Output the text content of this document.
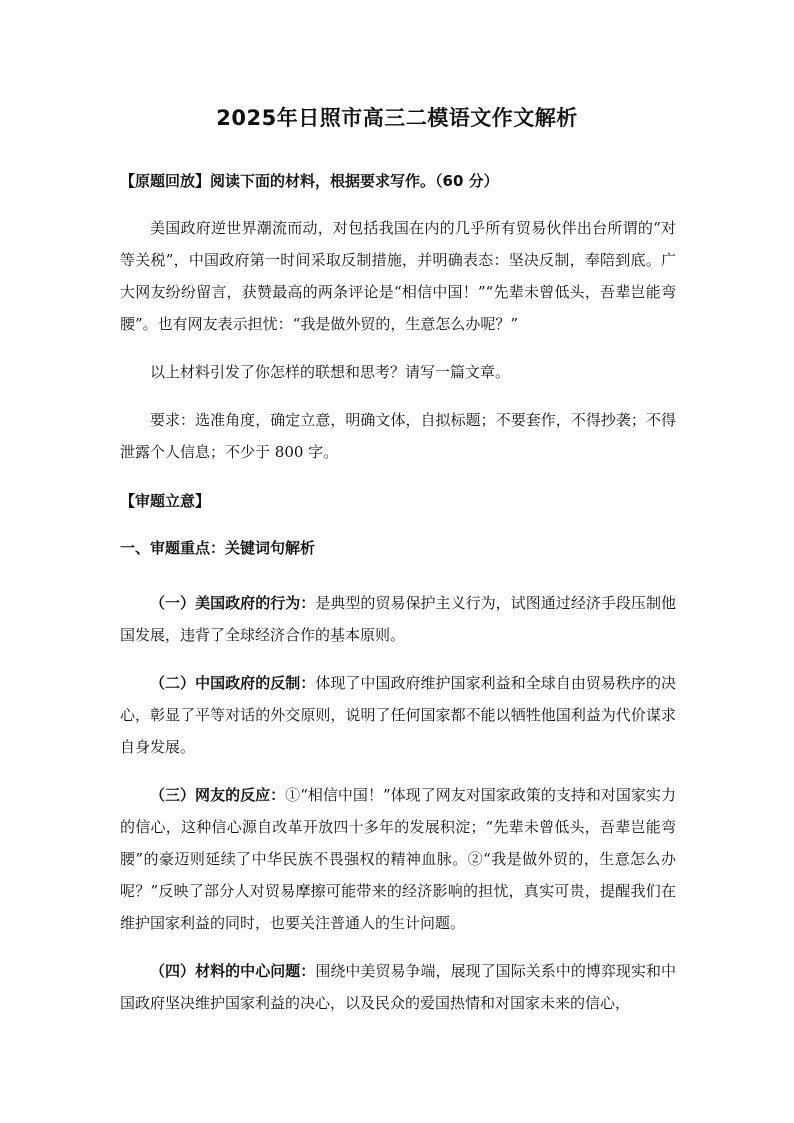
2025年日照市高三二模语文作文解析
【原题回放】阅读下面的材料，根据要求写作。（60 分）
美国政府逆世界潮流而动，对包括我国在内的几乎所有贸易伙伴出台所谓的“对等关税”，中国政府第一时间采取反制措施，并明确表态：坚决反制，奉陪到底。广大网友纷纷留言，获赞最高的两条评论是“相信中国！”“先辈未曾低头，吾辈岂能弯腰”。也有网友表示担忧：“我是做外贸的，生意怎么办呢？”
以上材料引发了你怎样的联想和思考？请写一篇文章。
要求：选准角度，确定立意，明确文体，自拟标题；不要套作，不得抄袭；不得泄露个人信息；不少于 800 字。
【审题立意】
一、审题重点：关键词句解析
（一）美国政府的行为：是典型的贸易保护主义行为，试图通过经济手段压制他国发展，违背了全球经济合作的基本原则。
（二）中国政府的反制：体现了中国政府维护国家利益和全球自由贸易秩序的决心，彰显了平等对话的外交原则，说明了任何国家都不能以牺牲他国利益为代价谋求自身发展。
（三）网友的反应：①“相信中国！”体现了网友对国家政策的支持和对国家实力的信心，这种信心源自改革开放四十多年的发展积淀；“先辈未曾低头，吾辈岂能弯腰”的豪迈则延续了中华民族不畏强权的精神血脉。②“我是做外贸的，生意怎么办呢？”反映了部分人对贸易摩擦可能带来的经济影响的担忧，真实可贵，提醒我们在维护国家利益的同时，也要关注普通人的生计问题。
（四）材料的中心问题：围绕中美贸易争端，展现了国际关系中的博弈现实和中国政府坚决维护国家利益的决心，以及民众的爱国热情和对国家未来的信心，
